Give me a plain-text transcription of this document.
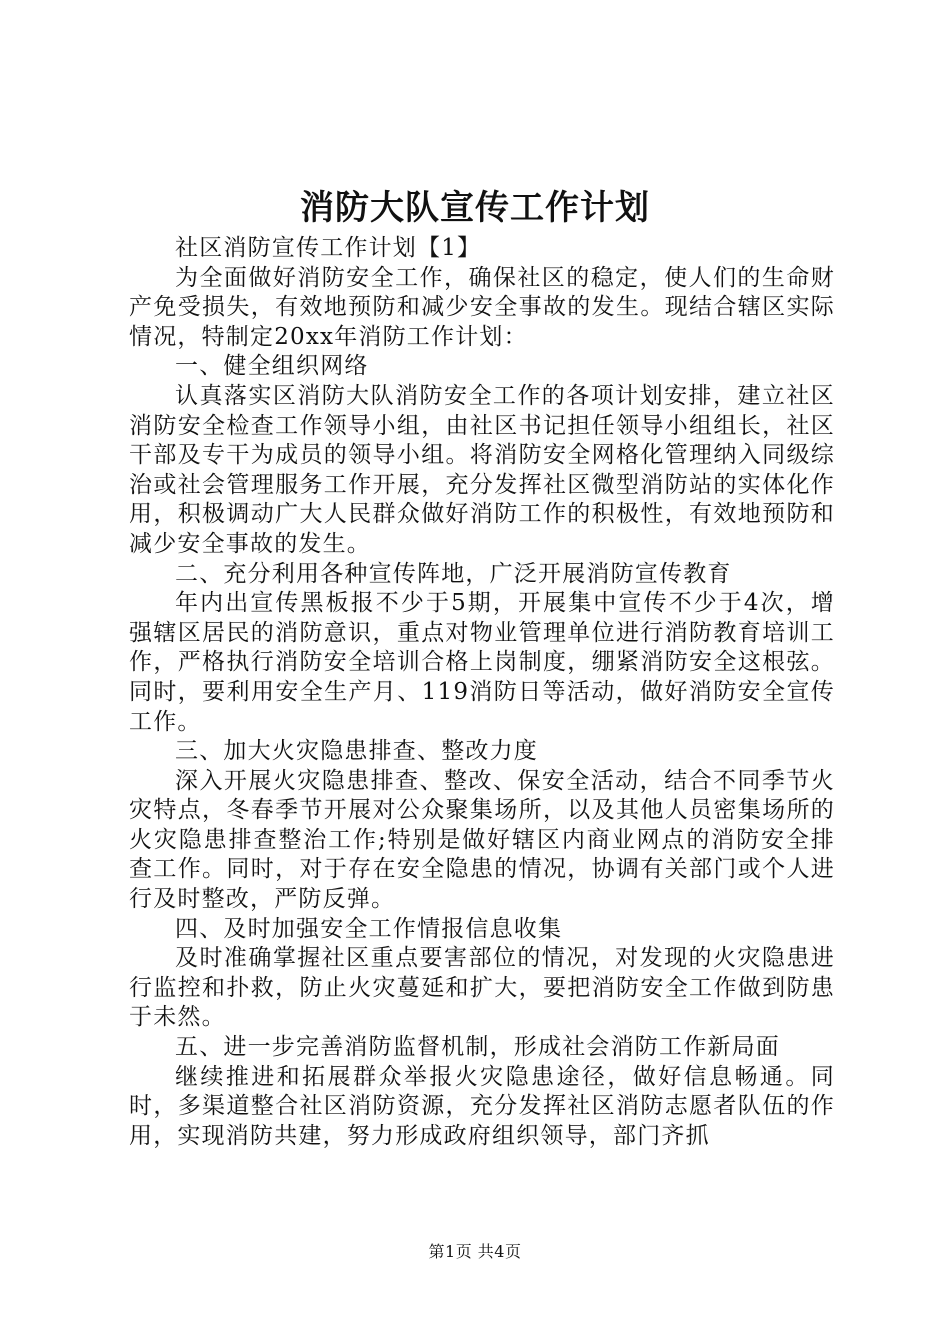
消防大队宣传工作计划

社区消防宣传工作计划【1】

为全面做好消防安全工作，确保社区的稳定，使人们的生命财产免受损失，有效地预防和减少安全事故的发生。现结合辖区实际情况，特制定20xx年消防工作计划：

一、健全组织网络

认真落实区消防大队消防安全工作的各项计划安排，建立社区消防安全检查工作领导小组，由社区书记担任领导小组组长，社区干部及专干为成员的领导小组。将消防安全网格化管理纳入同级综治或社会管理服务工作开展，充分发挥社区微型消防站的实体化作用，积极调动广大人民群众做好消防工作的积极性，有效地预防和减少安全事故的发生。

二、充分利用各种宣传阵地，广泛开展消防宣传教育

年内出宣传黑板报不少于5期，开展集中宣传不少于4次，增强辖区居民的消防意识，重点对物业管理单位进行消防教育培训工作，严格执行消防安全培训合格上岗制度，绷紧消防安全这根弦。同时，要利用安全生产月、119消防日等活动，做好消防安全宣传工作。

三、加大火灾隐患排查、整改力度

深入开展火灾隐患排查、整改、保安全活动，结合不同季节火灾特点，冬春季节开展对公众聚集场所，以及其他人员密集场所的火灾隐患排查整治工作;特别是做好辖区内商业网点的消防安全排查工作。同时，对于存在安全隐患的情况，协调有关部门或个人进行及时整改，严防反弹。

四、及时加强安全工作情报信息收集

及时准确掌握社区重点要害部位的情况，对发现的火灾隐患进行监控和扑救，防止火灾蔓延和扩大，要把消防安全工作做到防患于未然。

五、进一步完善消防监督机制，形成社会消防工作新局面

继续推进和拓展群众举报火灾隐患途径，做好信息畅通。同时，多渠道整合社区消防资源，充分发挥社区消防志愿者队伍的作用，实现消防共建，努力形成政府组织领导，部门齐抓

第1页 共4页
